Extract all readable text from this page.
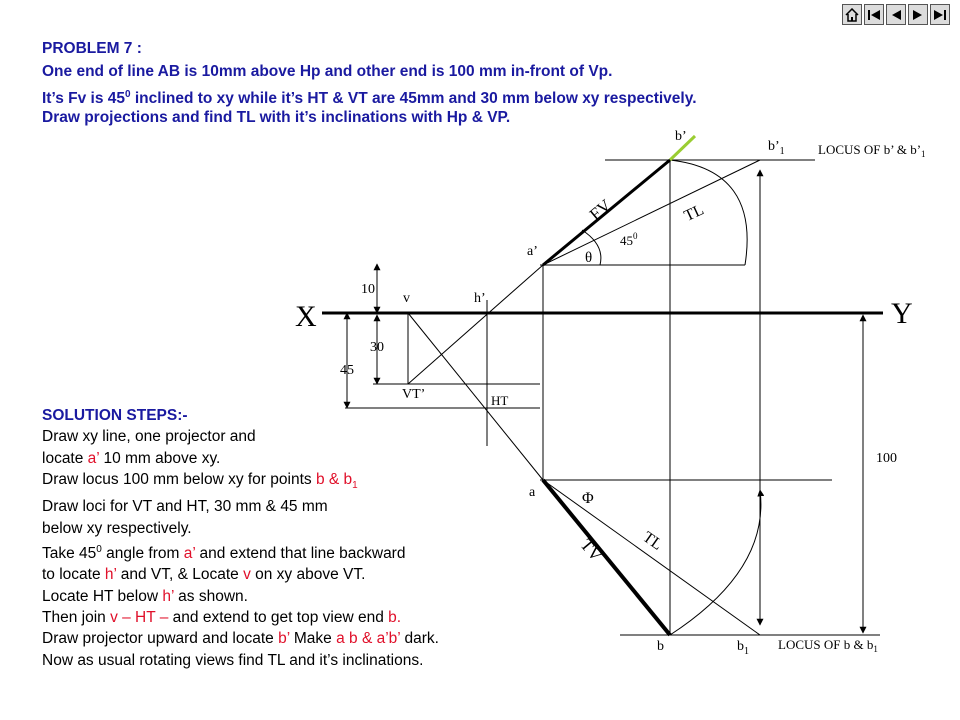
PROBLEM 7 :
One end of line AB is 10mm above Hp and other end is 100 mm in-front of Vp.
It’s Fv is $45^0$ inclined to xy while it’s HT & VT are 45mm and 30 mm below xy respectively.
Draw projections and find TL with it’s inclinations with Hp & VP.
SOLUTION STEPS:-
Draw xy line, one projector and
locate a’ 10 mm above xy.
Draw locus 100 mm below xy for points b & $b_1$
Draw loci for VT and HT, 30 mm & 45 mm
below xy respectively.
Take $45^0$ angle from a’ and extend that line backward
to locate h’ and VT, & Locate v on xy above VT.
Locate HT below h’ as shown.
Then join v – HT – and extend to get top view end b.
Draw projector upward and locate b’ Make a b & a’b’ dark.
Now as usual rotating views find TL and it’s inclinations.
X	Y
b’
$b’_1$	LOCUS OF b’ & $b’_1$
FV	TL
$45^0$
a’	θ
10
v	h’
30
45
VT’	HT
100
a	Φ
TL
TV
b	$b_1$ LOCUS OF b & $b_1$
